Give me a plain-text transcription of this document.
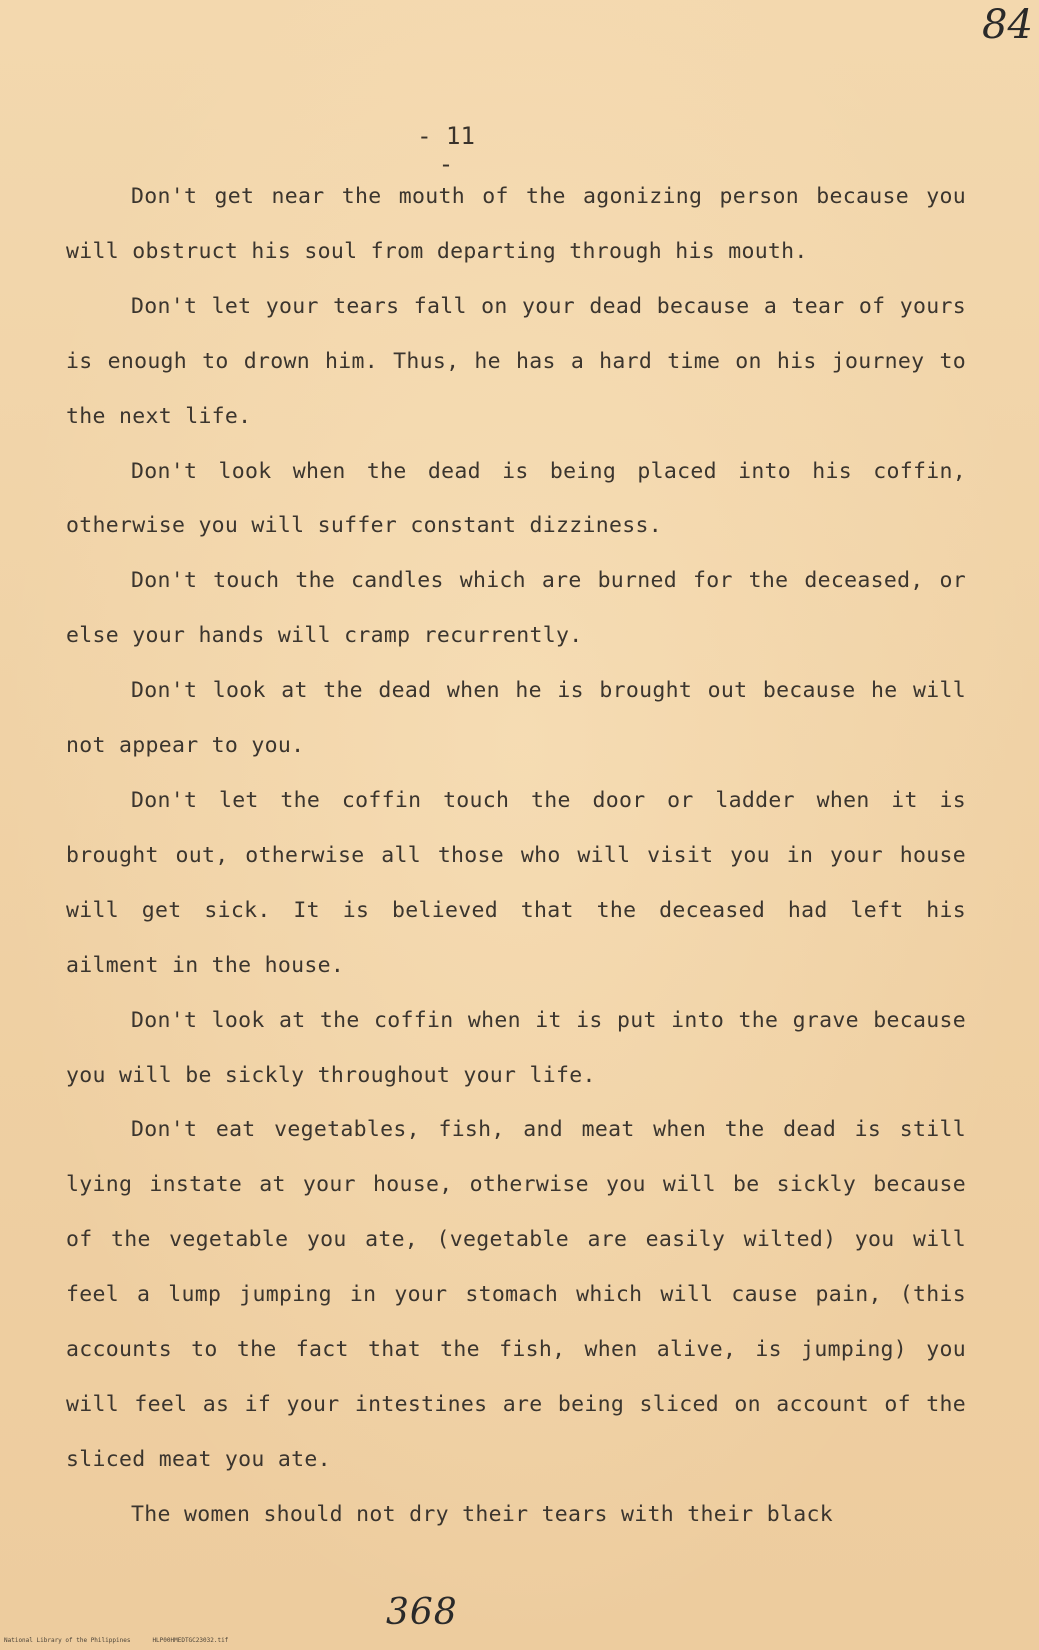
84
- 11 -

Don't get near the mouth of the agonizing person because you will obstruct his soul from departing through his mouth.

Don't let your tears fall on your dead because a tear of yours is enough to drown him. Thus, he has a hard time on his journey to the next life.

Don't look when the dead is being placed into his coffin, otherwise you will suffer constant dizziness.

Don't touch the candles which are burned for the deceased, or else your hands will cramp recurrently.

Don't look at the dead when he is brought out because he will not appear to you.

Don't let the coffin touch the door or ladder when it is brought out, otherwise all those who will visit you in your house will get sick. It is believed that the deceased had left his ailment in the house.

Don't look at the coffin when it is put into the grave because you will be sickly throughout your life.

Don't eat vegetables, fish, and meat when the dead is still lying instate at your house, otherwise you will be sickly because of the vegetable you ate, (vegetable are easily wilted) you will feel a lump jumping in your stomach which will cause pain, (this accounts to the fact that the fish, when alive, is jumping) you will feel as if your intestines are being sliced on account of the sliced meat you ate.

The women should not dry their tears with their black

368
National Library of the Philippines	HLP00HMEDTGC23032.tif
